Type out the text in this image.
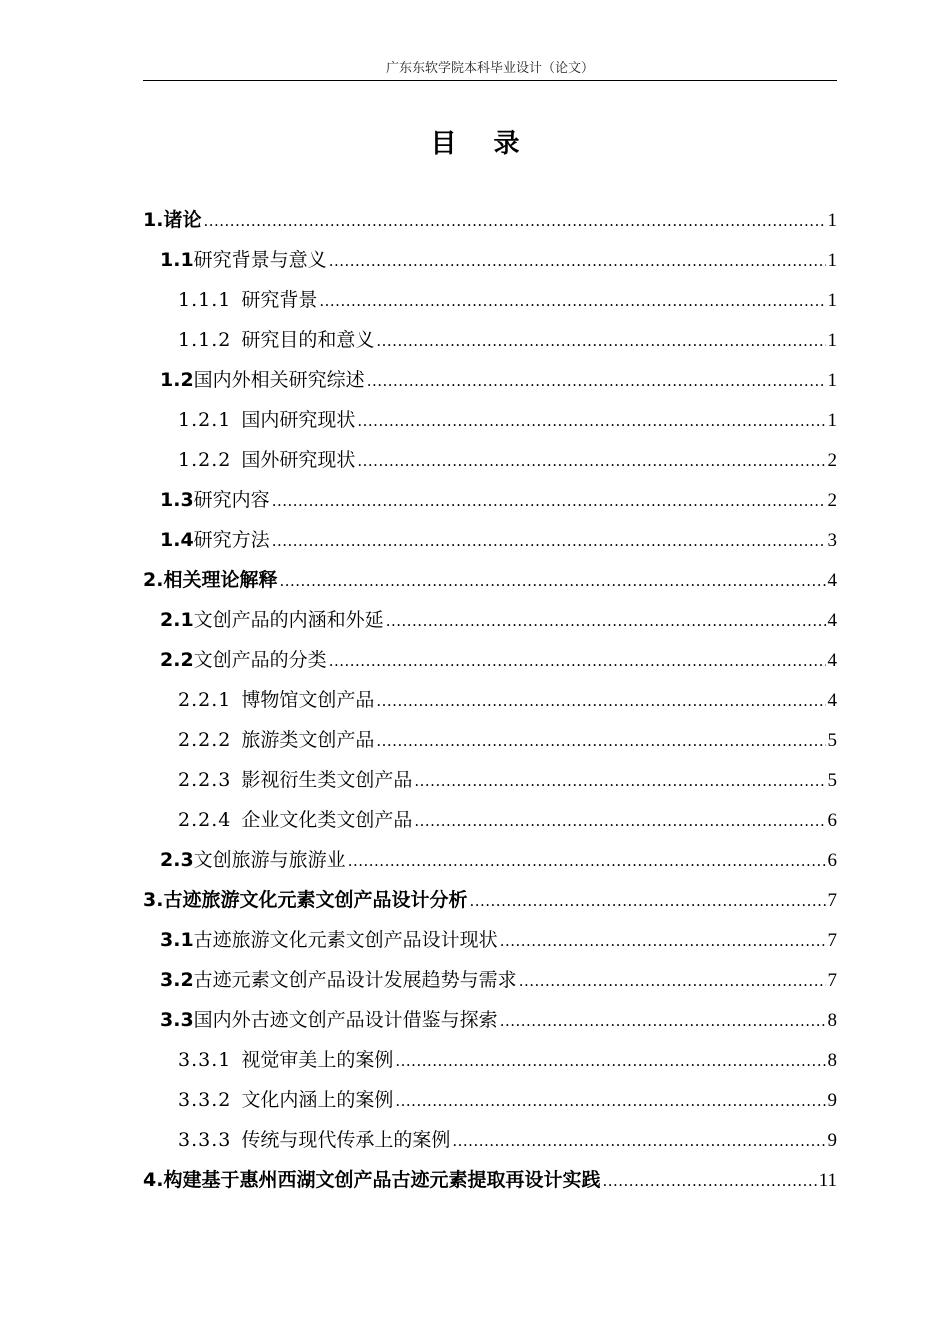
广东东软学院本科毕业设计（论文）
目 录
1. 诸论 .....	1
1.1 研究背景与意义 .....	1
1.1.1 研究背景 .....	1
1.1.2 研究目的和意义 .....	1
1.2 国内外相关研究综述 .....	1
1.2.1 国内研究现状 .....	1
1.2.2 国外研究现状 .....	2
1.3 研究内容 .....	2
1.4 研究方法 .....	3
2. 相关理论解释 .....	4
2.1 文创产品的内涵和外延 .....	4
2.2 文创产品的分类 .....	4
2.2.1 博物馆文创产品 .....	4
2.2.2 旅游类文创产品 .....	5
2.2.3 影视衍生类文创产品 .....	5
2.2.4 企业文化类文创产品 .....	6
2.3 文创旅游与旅游业 .....	6
3. 古迹旅游文化元素文创产品设计分析 .....	7
3.1 古迹旅游文化元素文创产品设计现状 .....	7
3.2 古迹元素文创产品设计发展趋势与需求 .....	7
3.3 国内外古迹文创产品设计借鉴与探索 .....	8
3.3.1 视觉审美上的案例 .....	8
3.3.2 文化内涵上的案例 .....	9
3.3.3 传统与现代传承上的案例 .....	9
4. 构建基于惠州西湖文创产品古迹元素提取再设计实践 .....	11
